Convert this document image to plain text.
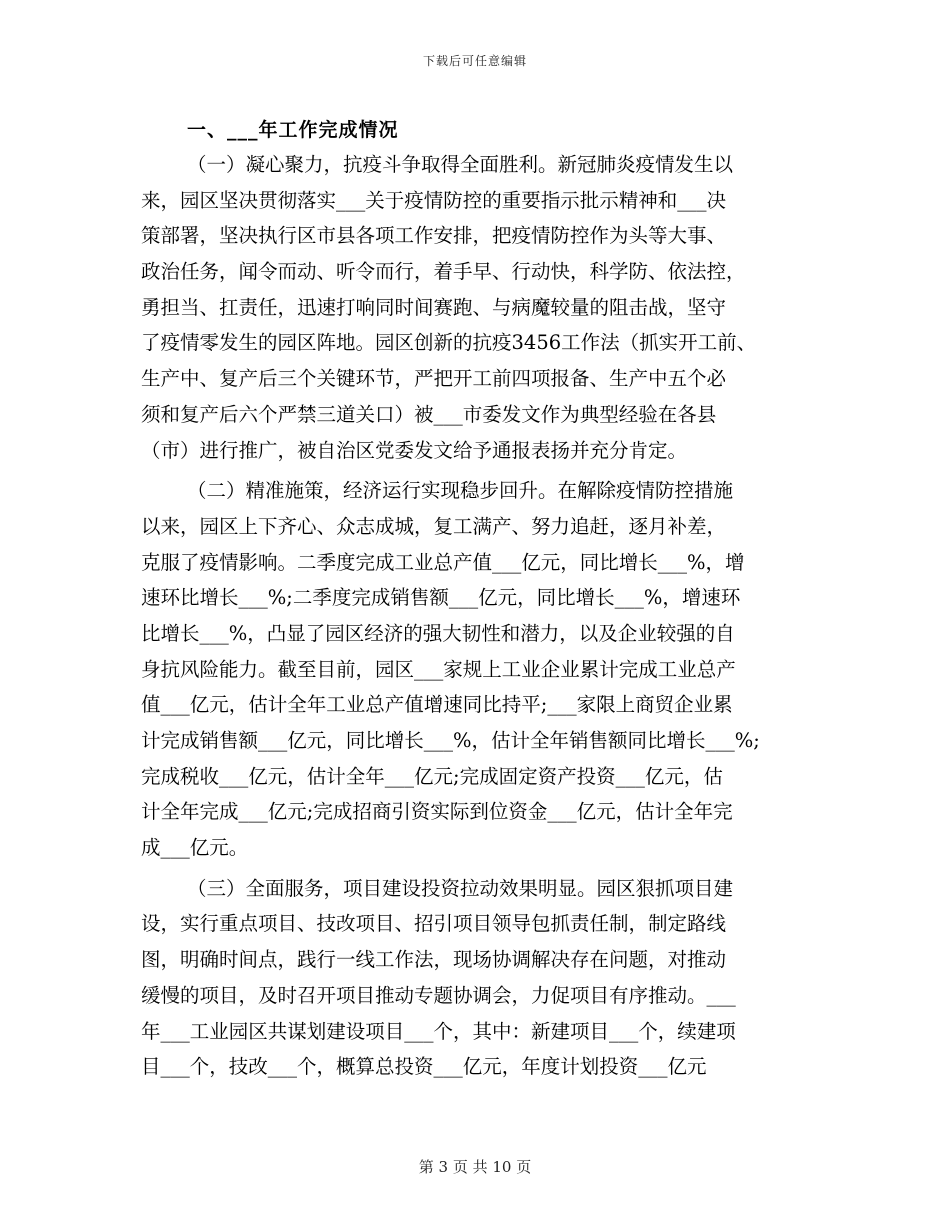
下载后可任意编辑
一、___年工作完成情况
（一）凝心聚力，抗疫斗争取得全面胜利。新冠肺炎疫情发生以
来，园区坚决贯彻落实___关于疫情防控的重要指示批示精神和___决
策部署，坚决执行区市县各项工作安排，把疫情防控作为头等大事、
政治任务，闻令而动、听令而行，着手早、行动快，科学防、依法控，
勇担当、扛责任，迅速打响同时间赛跑、与病魔较量的阻击战，坚守
了疫情零发生的园区阵地。园区创新的抗疫3456工作法（抓实开工前、
生产中、复产后三个关键环节，严把开工前四项报备、生产中五个必
须和复产后六个严禁三道关口）被___市委发文作为典型经验在各县
（市）进行推广，被自治区党委发文给予通报表扬并充分肯定。
（二）精准施策，经济运行实现稳步回升。在解除疫情防控措施
以来，园区上下齐心、众志成城，复工满产、努力追赶，逐月补差，
克服了疫情影响。二季度完成工业总产值___亿元，同比增长___%，增
速环比增长___%;二季度完成销售额___亿元，同比增长___%，增速环
比增长___%，凸显了园区经济的强大韧性和潜力，以及企业较强的自
身抗风险能力。截至目前，园区___家规上工业企业累计完成工业总产
值___亿元，估计全年工业总产值增速同比持平;___家限上商贸企业累
计完成销售额___亿元，同比增长___%，估计全年销售额同比增长___%;
完成税收___亿元，估计全年___亿元;完成固定资产投资___亿元，估
计全年完成___亿元;完成招商引资实际到位资金___亿元，估计全年完
成___亿元。
（三）全面服务，项目建设投资拉动效果明显。园区狠抓项目建
设，实行重点项目、技改项目、招引项目领导包抓责任制，制定路线
图，明确时间点，践行一线工作法，现场协调解决存在问题，对推动
缓慢的项目，及时召开项目推动专题协调会，力促项目有序推动。___
年___工业园区共谋划建设项目___个，其中：新建项目___个，续建项
目___个，技改___个，概算总投资___亿元，年度计划投资___亿元
第 3 页 共 10 页
